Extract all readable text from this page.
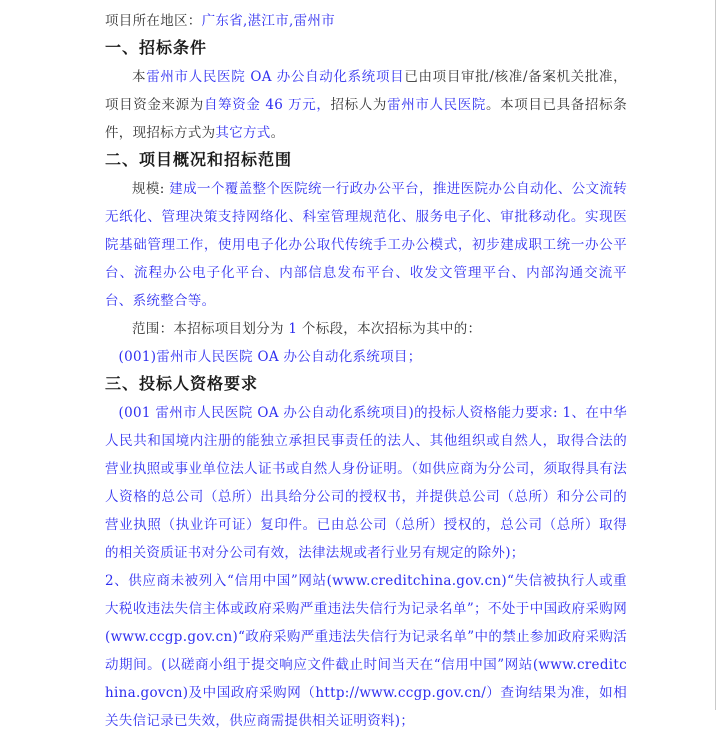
项目所在地区：广东省,湛江市,雷州市

一、招标条件

本雷州市人民医院 OA 办公自动化系统项目已由项目审批/核准/备案机关批准，项目资金来源为自筹资金 46 万元，招标人为雷州市人民医院。本项目已具备招标条件，现招标方式为其它方式。

二、项目概况和招标范围

规模: 建成一个覆盖整个医院统一行政办公平台，推进医院办公自动化、公文流转无纸化、管理决策支持网络化、科室管理规范化、服务电子化、审批移动化。实现医院基础管理工作，使用电子化办公取代传统手工办公模式，初步建成职工统一办公平台、流程办公电子化平台、内部信息发布平台、收发文管理平台、内部沟通交流平台、系统整合等。

范围：本招标项目划分为 1 个标段，本次招标为其中的：

(001)雷州市人民医院 OA 办公自动化系统项目；

三、投标人资格要求

(001 雷州市人民医院 OA 办公自动化系统项目)的投标人资格能力要求: 1、在中华人民共和国境内注册的能独立承担民事责任的法人、其他组织或自然人，取得合法的营业执照或事业单位法人证书或自然人身份证明。（如供应商为分公司，须取得具有法人资格的总公司（总所）出具给分公司的授权书，并提供总公司（总所）和分公司的营业执照（执业许可证）复印件。已由总公司（总所）授权的，总公司（总所）取得的相关资质证书对分公司有效，法律法规或者行业另有规定的除外)；

2、供应商未被列入“信用中国”网站(www.creditchina.gov.cn)“失信被执行人或重大税收违法失信主体或政府采购严重违法失信行为记录名单”；不处于中国政府采购网(www.ccgp.gov.cn)“政府采购严重违法失信行为记录名单”中的禁止参加政府采购活动期间。(以磋商小组于提交响应文件截止时间当天在“信用中国”网站(www.creditchina.govcn)及中国政府采购网（http://www.ccgp.gov.cn/）查询结果为准，如相关失信记录已失效，供应商需提供相关证明资料)；
